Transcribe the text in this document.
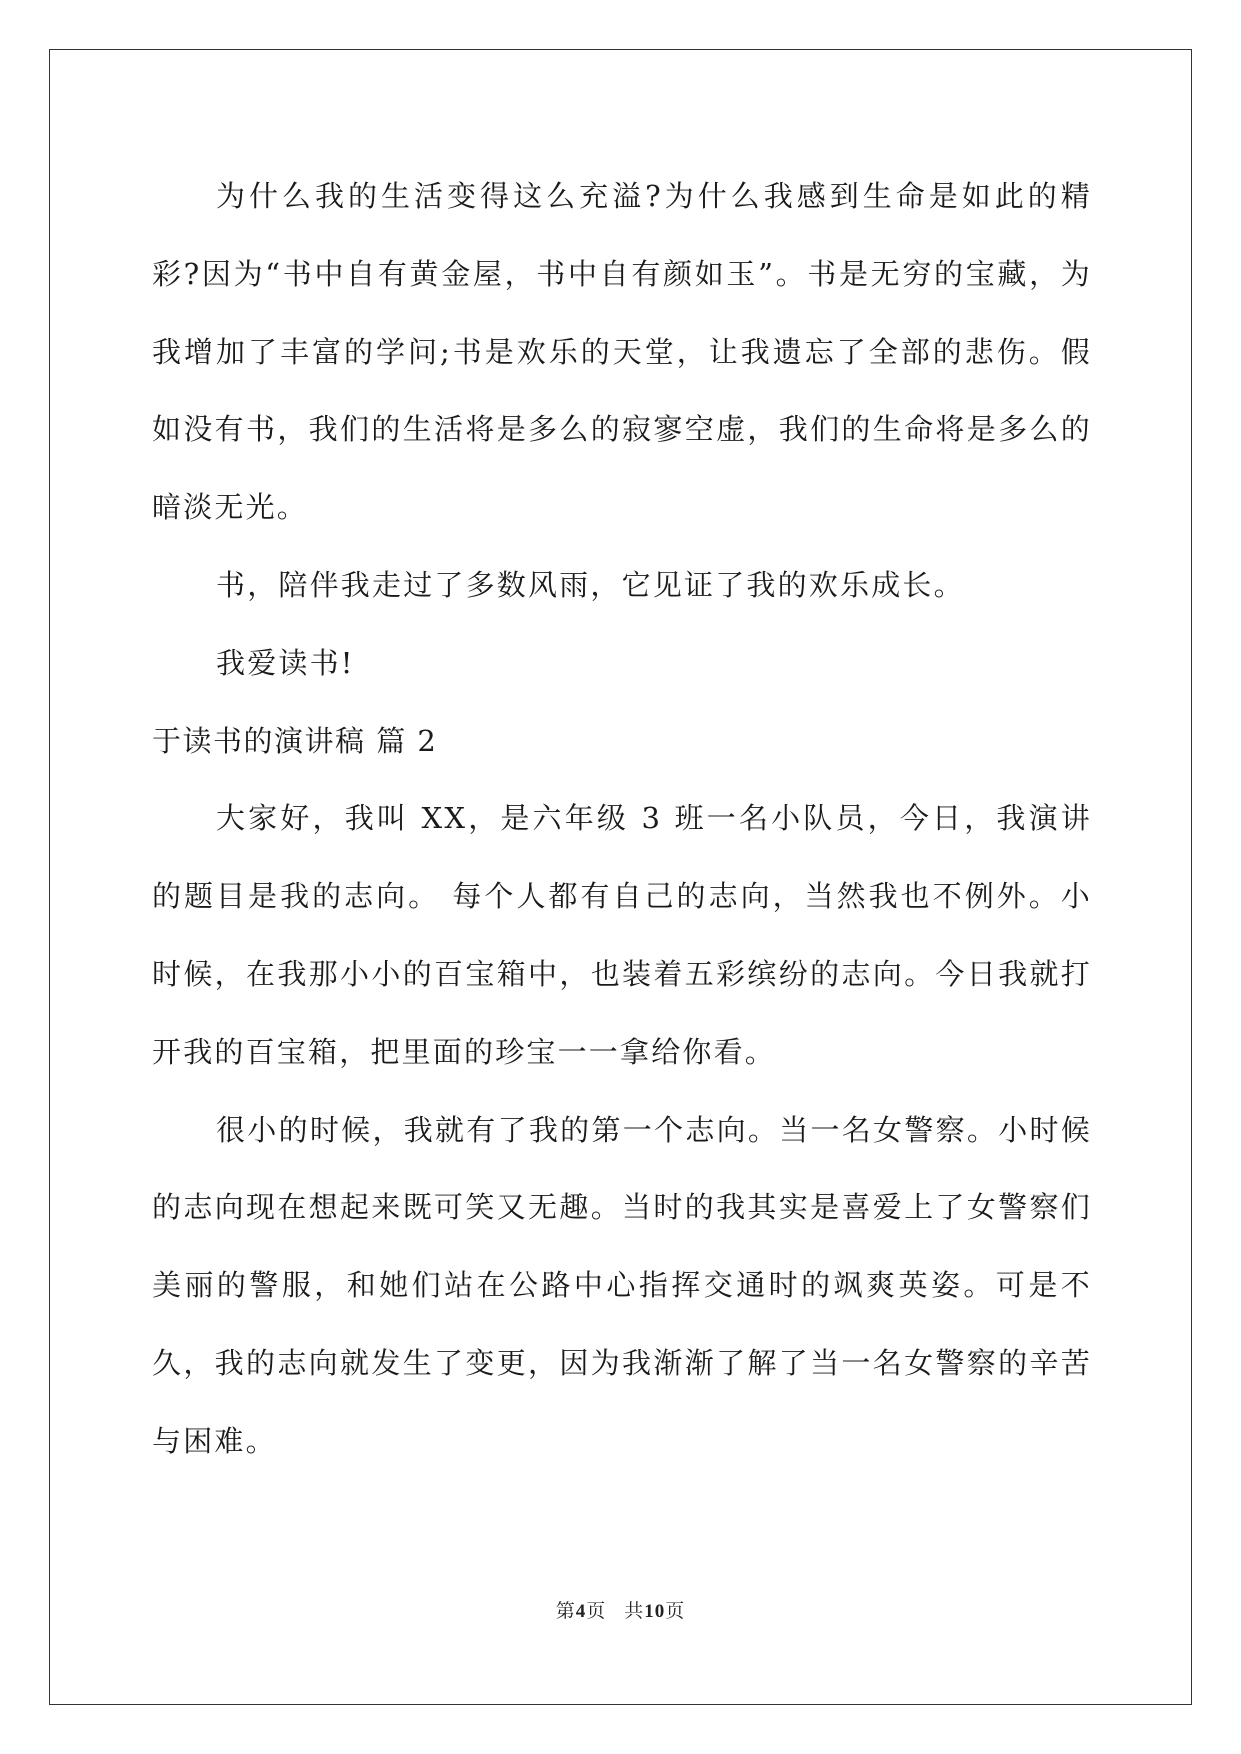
为什么我的生活变得这么充溢?为什么我感到生命是如此的精彩?因为“书中自有黄金屋，书中自有颜如玉”。书是无穷的宝藏，为我增加了丰富的学问;书是欢乐的天堂，让我遗忘了全部的悲伤。假如没有书，我们的生活将是多么的寂寥空虚，我们的生命将是多么的暗淡无光。

书，陪伴我走过了多数风雨，它见证了我的欢乐成长。

我爱读书!

于读书的演讲稿 篇 2

大家好，我叫 XX，是六年级 3 班一名小队员，今日，我演讲的题目是我的志向。 每个人都有自己的志向，当然我也不例外。小时候，在我那小小的百宝箱中，也装着五彩缤纷的志向。今日我就打开我的百宝箱，把里面的珍宝一一拿给你看。

很小的时候，我就有了我的第一个志向。当一名女警察。小时候的志向现在想起来既可笑又无趣。当时的我其实是喜爱上了女警察们美丽的警服，和她们站在公路中心指挥交通时的飒爽英姿。可是不久，我的志向就发生了变更，因为我渐渐了解了当一名女警察的辛苦与困难。

第4页 共10页
